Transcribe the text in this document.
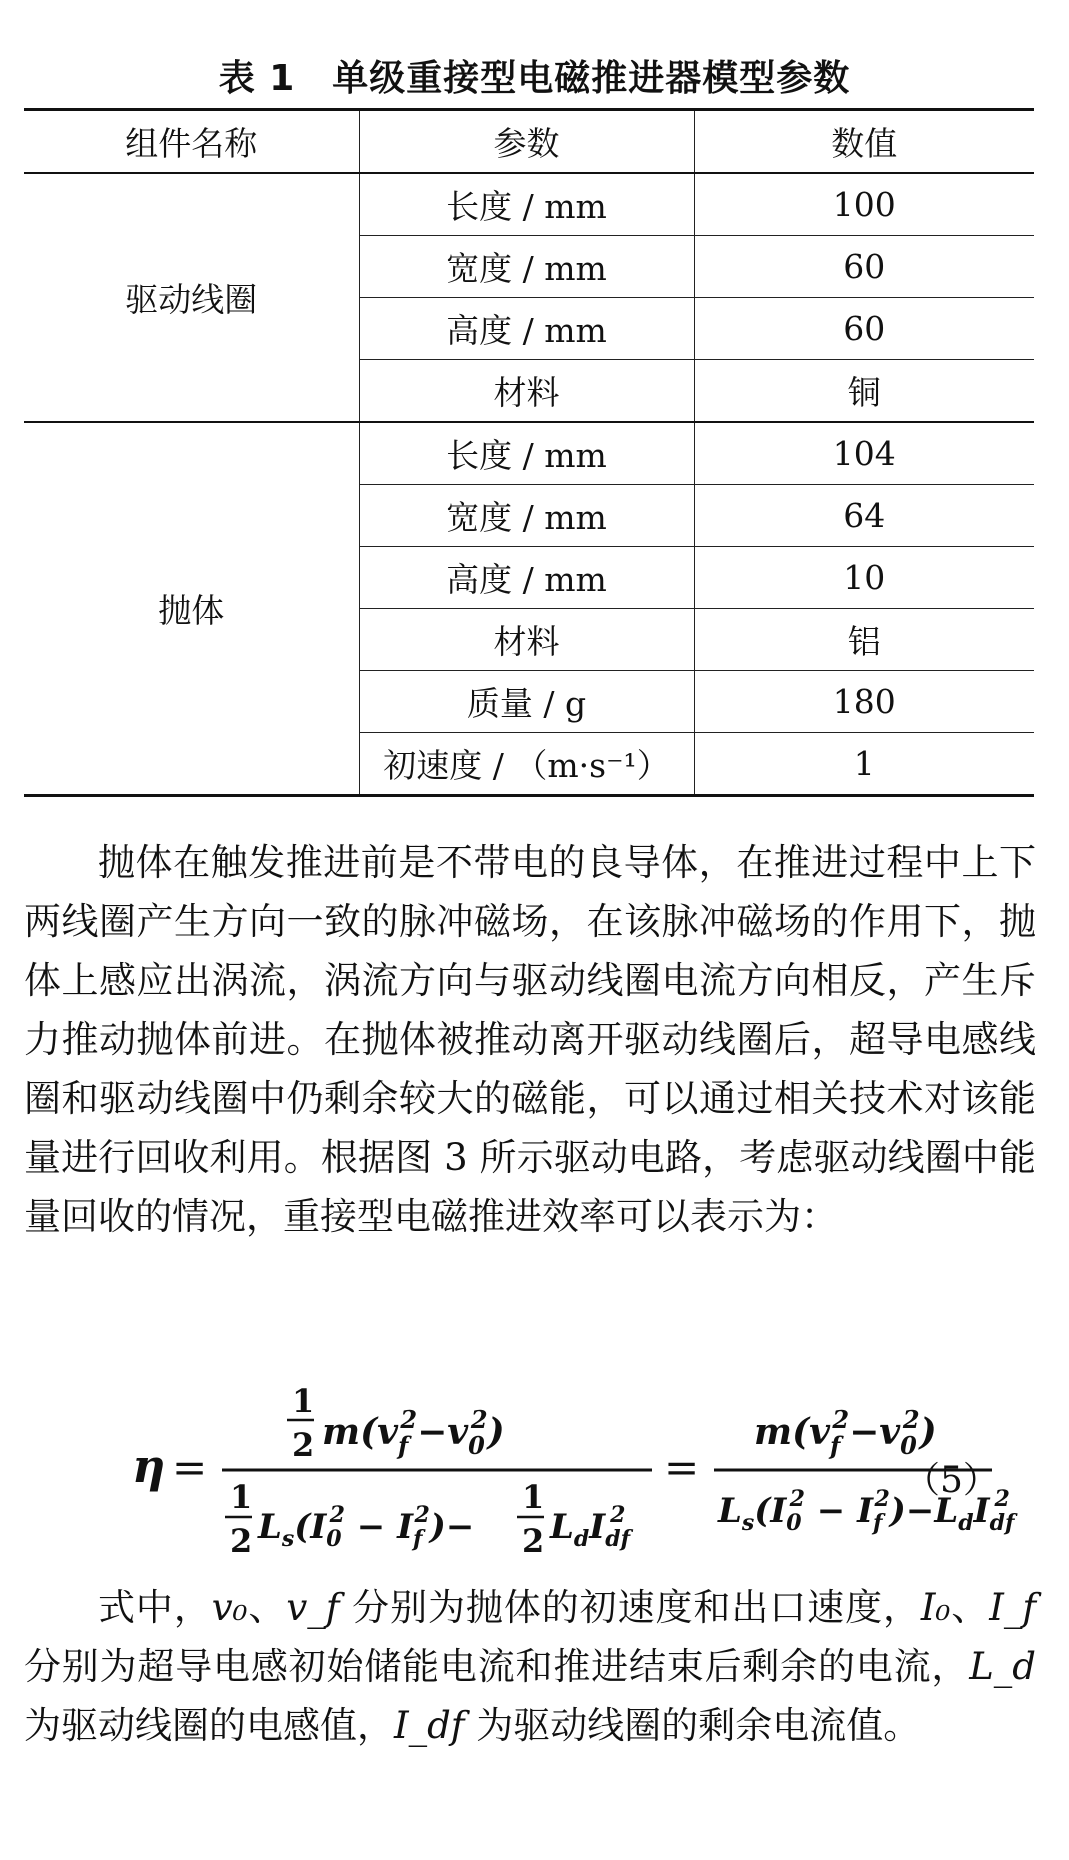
表 1　单级重接型电磁推进器模型参数
组件名称	参数	数值
驱动线圈	长度 / mm	100
	宽度 / mm	60
	高度 / mm	60
	材料	铜
抛体	长度 / mm	104
	宽度 / mm	64
	高度 / mm	10
	材料	铝
	质量 / g	180
	初速度 / （m·s⁻¹）	1

抛体在触发推进前是不带电的良导体，在推进过程中上下两线圈产生方向一致的脉冲磁场，在该脉冲磁场的作用下，抛体上感应出涡流，涡流方向与驱动线圈电流方向相反，产生斥力推动抛体前进。在抛体被推动离开驱动线圈后，超导电感线圈和驱动线圈中仍剩余较大的磁能，可以通过相关技术对该能量进行回收利用。根据图 3 所示驱动电路，考虑驱动线圈中能量回收的情况，重接型电磁推进效率可以表示为：

η =
1
2 $m(v_f2-v_02)$
1
2 $L_s(I_02 - I_f2)-$
1
2 $L_dI_{df}2$
=
$m(v_f2-v_02)$
$L_s(I_02 - I_f2)-L_dI_{df}2$
（5）

式中，v₀、v_f 分别为抛体的初速度和出口速度，I₀、I_f 分别为超导电感初始储能电流和推进结束后剩余的电流，L_d 为驱动线圈的电感值，I_df 为驱动线圈的剩余电流值。
